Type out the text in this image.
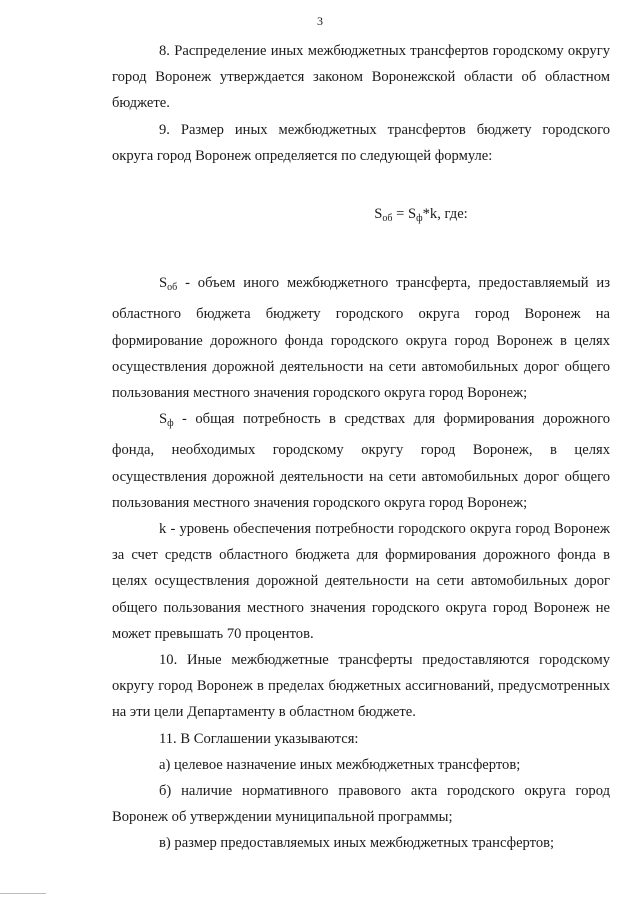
3

8. Распределение иных межбюджетных трансфертов городскому округу город Воронеж утверждается законом Воронежской области об областном бюджете.

9. Размер иных межбюджетных трансфертов бюджету городского округа город Воронеж определяется по следующей формуле:

$S_{об} = S_ф*k$, где:

$S_{об}$ - объем иного межбюджетного трансферта, предоставляемый из областного бюджета бюджету городского округа город Воронеж на формирование дорожного фонда городского округа город Воронеж в целях осуществления дорожной деятельности на сети автомобильных дорог общего пользования местного значения городского округа город Воронеж;

$S_ф$ - общая потребность в средствах для формирования дорожного фонда, необходимых городскому округу город Воронеж, в целях осуществления дорожной деятельности на сети автомобильных дорог общего пользования местного значения городского округа город Воронеж;

k - уровень обеспечения потребности городского округа город Воронеж за счет средств областного бюджета для формирования дорожного фонда в целях осуществления дорожной деятельности на сети автомобильных дорог общего пользования местного значения городского округа город Воронеж не может превышать 70 процентов.

10. Иные межбюджетные трансферты предоставляются городскому округу город Воронеж в пределах бюджетных ассигнований, предусмотренных на эти цели Департаменту в областном бюджете.

11. В Соглашении указываются:

а) целевое назначение иных межбюджетных трансфертов;

б) наличие нормативного правового акта городского округа город Воронеж об утверждении муниципальной программы;

в) размер предоставляемых иных межбюджетных трансфертов;
